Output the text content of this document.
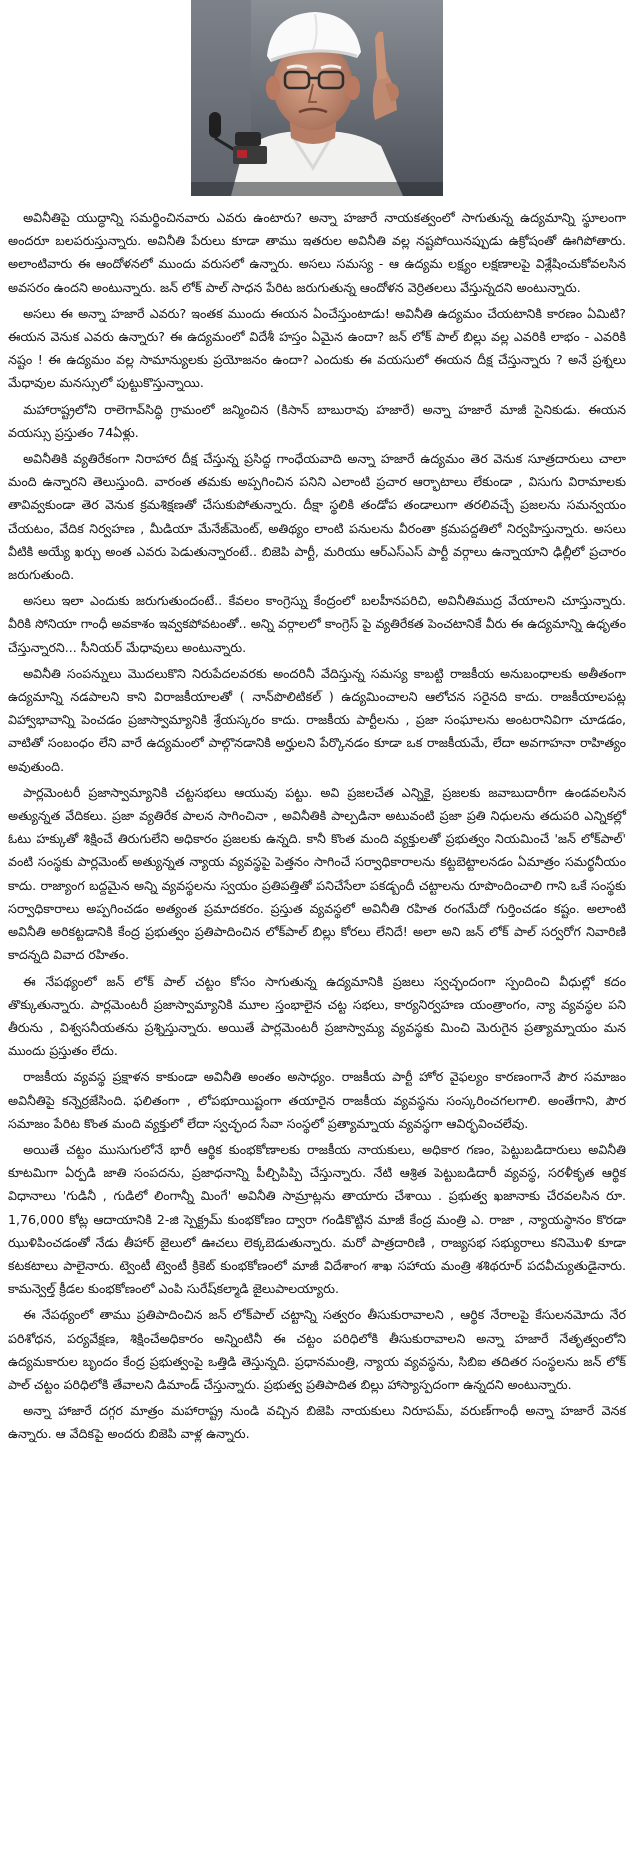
అవినీతిపై యుద్ధాన్ని సమర్థించినవారు ఎవరు ఉంటారు? అన్నా హజారే నాయకత్వంలో సాగుతున్న ఉద్యమాన్ని స్థూలంగా అందరూ బలపరుస్తున్నారు. అవినీతి పేరులు కూడా తాము ఇతరుల అవినీతి వల్ల నష్టపోయినప్పుడు ఉక్రోషంతో ఊగిపోతారు. అలాంటివారు ఈ ఆందోళనలో ముందు వరుసలో ఉన్నారు. అసలు సమస్య - ఆ ఉద్యమ లక్ష్యం లక్షణాలపై విశ్లేషించుకోవలసిన అవసరం ఉందని అంటున్నారు. జన్ లోక్ పాల్ సాధన పేరిట జరుగుతున్న ఆందోళన వెర్రితలలు వేస్తున్నదని అంటున్నారు.

అసలు ఈ అన్నా హజారే ఎవరు? ఇంతక ముందు ఈయన ఏంచేస్తుంటాడు! అవినీతి ఉద్యమం చేయటానికి కారణం ఏమిటి? ఈయన వెనుక ఎవరు ఉన్నారు? ఈ ఉద్యమంలో విదేశీ హస్తం ఏమైన ఉందా? జన్ లోక్ పాల్ బిల్లు వల్ల ఎవరికి లాభం - ఎవరికి నష్టం ! ఈ ఉద్యమం వల్ల సామాన్యులకు ప్రయోజనం ఉందా? ఎందుకు ఈ వయసులో ఈయన దీక్ష చేస్తున్నారు ? అనే ప్రశ్నలు మేధావుల మనస్సులో పుట్టుకొస్తున్నాయి.

మహారాష్ట్రలోని రాలెగావ్‌సిద్ధి గ్రామంలో జన్మించిన (కిసాన్ బాబురావు హజారే) అన్నా హజారే మాజీ సైనికుడు. ఈయన వయస్సు ప్రస్తుతం 74ఏళ్లు.

అవినీతికి వ్యతిరేకంగా నిరాహార దీక్ష చేస్తున్న ప్రసిద్ధ గాంధేయవాది అన్నా హజారే ఉద్యమం తెర వెనుక సూత్రదారులు చాలా మంది ఉన్నారని తెలుస్తుంది. వారంత తమకు అప్పగించిన పనిని ఎలాంటి ప్రచార ఆర్భాటాలు లేకుండా , విసుగు విరామాలకు తావివ్వకుండా తెర వెనుక క్రమశిక్షణతో చేసుకుపోతున్నారు. దీక్షా స్థలికి తండోప తండాలుగా తరలివచ్చే ప్రజలను సమన్వయం చేయటం, వేదిక నిర్వహణ , మీడియా మేనేజ్‌మెంట్, అతిథ్యం లాంటి పనులను వీరంతా క్రమపద్దతిలో నిర్వహిస్తున్నారు. అసలు వీటికి అయ్యే ఖర్చు అంత ఎవరు పెడుతున్నారంటే.. బిజెపి పార్టీ, మరియు ఆర్ఎస్ఎస్ పార్టీ వర్గాలు ఉన్నాయాని ఢిల్లీలో ప్రచారం జరుగుతుంది.

అసలు ఇలా ఎందుకు జరుగుతుందంటే.. కేవలం కాంగ్రెస్ను కేంద్రంలో బలహీనపరిచి, అవినీతిముద్ర వేయాలని చూస్తున్నారు. వీరికి సోనియా గాంధీ అవకాశం ఇవ్వకపోవటంతో.. అన్ని వర్గాలలో కాంగ్రెస్ పై వ్యతిరేకత పెంచటానికే వీరు ఈ ఉద్యమాన్ని ఉధృతం చేస్తున్నారని... సీనియర్ మేధావులు అంటున్నారు.

అవినీతి సంపన్నులు మొదలుకొని నిరుపేదలవరకు అందరినీ వేదిస్తున్న సమస్య కాబట్టి రాజకీయ అనుబంధాలకు అతీతంగా ఉద్యమాన్ని నడపాలని కాని విరాజకీయాలతో ( నాన్‌పొలిటికల్ ) ఉద్యమించాలని ఆలోచన సరైనది కాదు. రాజకీయాలపట్ల విహ్వాభావాన్ని పెంచడం ప్రజాస్వామ్యానికి శ్రేయస్కరం కాదు. రాజకీయ పార్టీలను , ప్రజా సంఘాలను అంటరానివిగా చూడడం, వాటితో సంబంధం లేని వారే ఉద్యమంలో పాల్గొనడానికి అర్హులని పేర్కొనడం కూడా ఒక రాజకీయమే, లేదా అవగాహనా రాహిత్యం అవుతుంది.

పార్లమెంటరీ ప్రజాస్వామ్యానికి చట్టసభలు ఆయువు పట్టు. అవి ప్రజలచేత ఎన్నికై, ప్రజలకు జవాబుదారీగా ఉండవలసిన అత్యున్నత వేదికలు. ప్రజా వ్యతిరేక పాలన సాగించినా , అవినీతికి పాల్పడినా అటువంటి ప్రజా ప్రతి నిధులను తదుపరి ఎన్నికల్లో ఓటు హక్కుతో శిక్షించే తిరుగులేని అధికారం ప్రజలకు ఉన్నది. కానీ కొంత మంది వ్యక్తులతో ప్రభుత్వం నియమించే 'జన్ లోక్‌పాల్' వంటి సంస్థకు పార్లమెంట్ అత్యున్నత న్యాయ వ్యవస్థపై పెత్తనం సాగించే సర్వాధికారాలను కట్టబెట్టాలనడం ఏమాత్రం సమర్థనీయం కాదు. రాజ్యాంగ బద్దమైన అన్ని వ్యవస్థలను స్వయం ప్రతిపత్తితో పనిచేసేలా పకడ్బందీ చట్టాలను రూపొందించాలి గాని ఒకే సంస్థకు సర్వాధికారాలు అప్పగించడం అత్యంత ప్రమాదకరం. ప్రస్తుత వ్యవస్థలో అవినీతి రహిత రంగమేదో గుర్తించడం కష్టం. అలాంటి అవినీతి అరికట్టడానికి కేంద్ర ప్రభుత్వం ప్రతిపాదించిన లోక్‌పాల్ బిల్లు కోరలు లేనిదే! అలా అని జన్ లోక్ పాల్ సర్వరోగ నివారిణి కాదన్నది వివాద రహితం.

ఈ నేపథ్యంలో జన్ లోక్ పాల్ చట్టం కోసం సాగుతున్న ఉద్యమానికి ప్రజలు స్వచ్ఛందంగా స్పందించి వీధుల్లో కదం తొక్కుతున్నారు. పార్లమెంటరీ ప్రజాస్వామ్యానికి మూల స్తంభాలైన చట్ట సభలు, కార్యనిర్వహణ యంత్రాంగం, న్యా వ్యవస్థల పని తీరును , విశ్వసనీయతను ప్రశ్నిస్తున్నారు. అయితే పార్లమెంటరీ ప్రజాస్వామ్య వ్యవస్థకు మించి మెరుగైన ప్రత్యామ్నాయం మన ముందు ప్రస్తుతం లేదు.

రాజకీయ వ్యవస్థ ప్రక్షాళన కాకుండా అవినీతి అంతం అసాధ్యం. రాజకీయ పార్టీ హోర వైఫల్యం కారణంగానే పౌర సమాజం అవినీతిపై కన్నెర్రజేసింది. ఫలితంగా , లోపభూయిష్టంగా తయారైన రాజకీయ వ్యవస్థను సంస్కరించగలగాలి. అంతేగాని, పౌర సమాజం పేరిట కొంత మంది వ్యక్తులో లేదా స్వచ్ఛంద సేవా సంస్థలో ప్రత్యామ్నాయ వ్యవస్థగా ఆవిర్భవించలేవు.

అయితే చట్టం ముసుగులోనే భారీ ఆర్థిక కుంభకోణాలకు రాజకీయ నాయకులు, అధికార గణం, పెట్టుబడిదారులు అవినీతి కూటమిగా ఏర్పడి జాతి సంపదను, ప్రజాధనాన్ని పీల్చిపిప్పి చేస్తున్నారు. నేటి ఆశ్రిత పెట్టుబడిదారీ వ్యవస్థ, సరళీకృత ఆర్థిక విధానాలు 'గుడినీ , గుడిలో లింగాన్నీ మింగే' అవినీతి సామ్రాట్లను తాయారు చేశాయి . ప్రభుత్వ ఖజానాకు చేరవలసిన రూ. 1,76,000 కోట్ల ఆదాయానికి 2-జి స్పెక్ట్రమ్ కుంభకోణం ద్వారా గండికొట్టిన మాజీ కేంద్ర మంత్రి ఎ. రాజా , న్యాయస్థానం కొరడా ఝుళిపించడంతో నేడు తీహార్ జైలులో ఊచలు లెక్కబెడుతున్నారు. మరో పాత్రదారిణి , రాజ్యసభ సభ్యురాలు కనిమొళి కూడా కటకటాలు పాలైనారు. ట్వెంటీ ట్వెంటీ క్రికెట్ కుంభకోణంలో మాజీ విదేశాంగ శాఖ సహాయ మంత్రి శశిథరూర్ పదవీచ్యుతుడైనారు. కామన్వెల్త్ క్రీడల కుంభకోణంలో ఎంపి సురేష్‌కల్మాడి జైలుపాలయ్యారు.

ఈ నేపథ్యంలో తాము ప్రతిపాదించిన జన్ లోక్‌పాల్ చట్టాన్ని సత్వరం తీసుకురావాలని , ఆర్థిక నేరాలపై కేసులనమోదు నేర పరిశోధన, పర్యవేక్షణ, శిక్షించేఅధికారం అన్నింటినీ ఈ చట్టం పరిధిలోకి తీసుకురావాలని అన్నా హజారే నేతృత్వంలోని ఉద్యమకారుల బృందం కేంద్ర ప్రభుత్వంపై ఒత్తిడి తెస్తున్నది. ప్రధానమంత్రి, న్యాయ వ్యవస్థను, సిబిఐ తదితర సంస్థలను జన్ లోక్ పాల్ చట్టం పరిధిలోకి తేవాలని డిమాండ్ చేస్తున్నారు. ప్రభుత్వ ప్రతిపాదిత బిల్లు హాస్యాస్పదంగా ఉన్నదని అంటున్నారు.

అన్నా హాజారే దగ్గర మాత్రం మహారాష్ట్ర నుండి వచ్చిన బిజెపి నాయకులు నిరూపమ్, వరుణ్‌గాంధీ అన్నా హజారే వెనక ఉన్నారు. ఆ వేదికపై అందరు బిజెపి వాళ్ల ఉన్నారు.
